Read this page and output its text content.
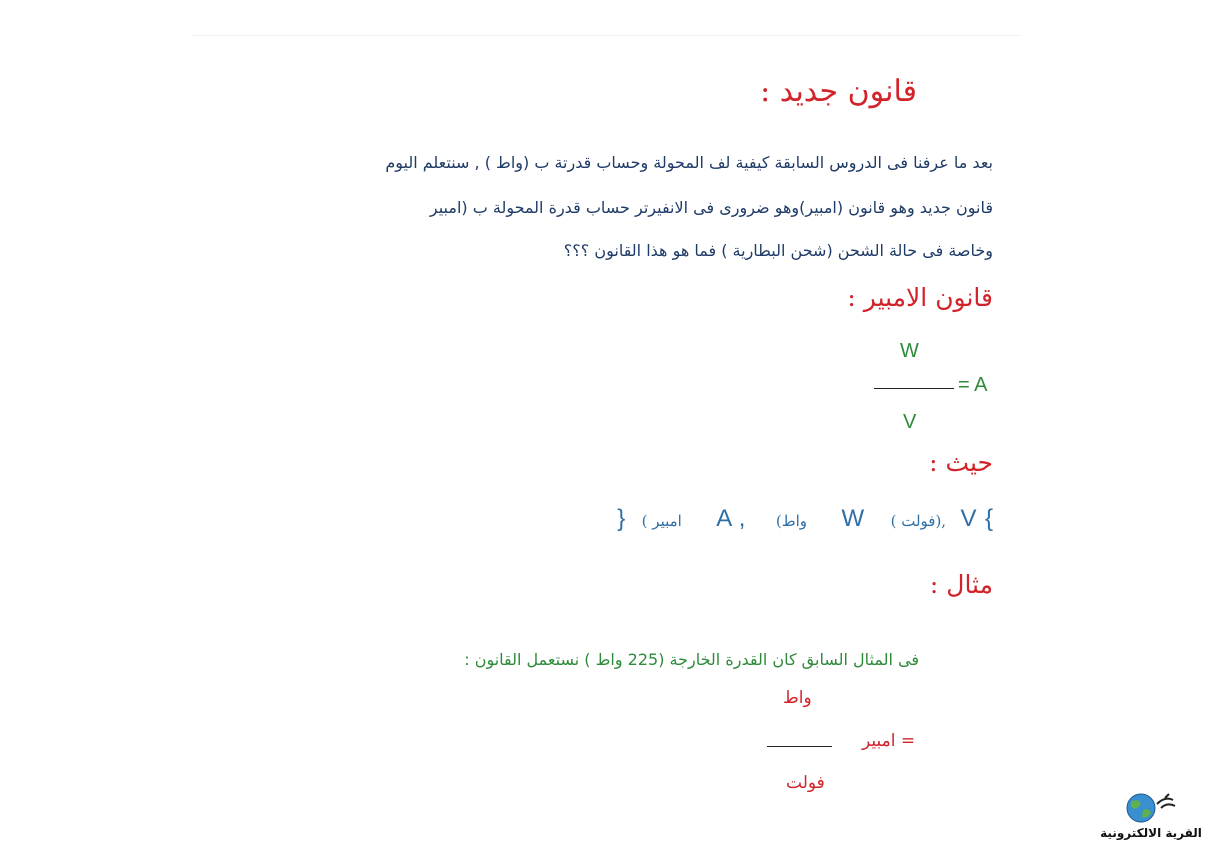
قانون جديد :
بعد ما عرفنا فى الدروس السابقة كيفية لف المحولة وحساب قدرتة ب (واط ) , سنتعلم اليوم
قانون جديد وهو قانون (امبير)وهو ضرورى فى الانفيرتر حساب قدرة المحولة ب (امبير
وخاصة فى حالة الشحن (شحن البطارية ) فما هو هذا القانون ؟؟؟
قانون الامبير :
W
= A
V
حيث :
} ( امبير A , (واط W ( فولت), V {
مثال :
فى المثال السابق كان القدرة الخارجة (225 واط ) نستعمل القانون :
واط
امبير =
فولت
القرية الالكترونية
